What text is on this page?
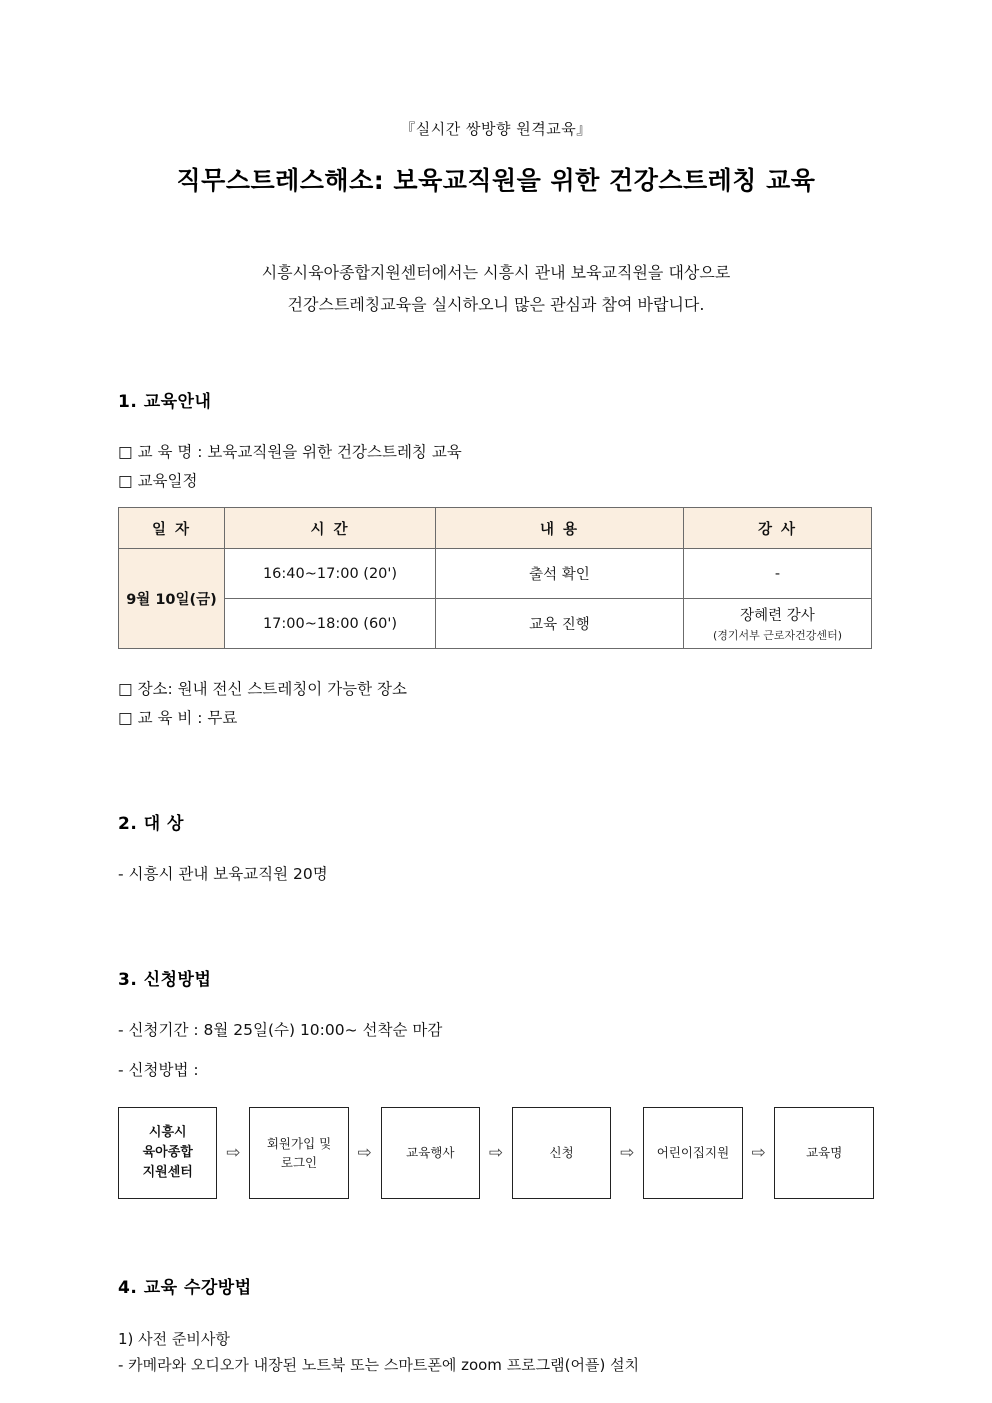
『실시간 쌍방향 원격교육』

직무스트레스해소: 보육교직원을 위한 건강스트레칭 교육
시흥시육아종합지원센터에서는 시흥시 관내 보육교직원을 대상으로
건강스트레칭교육을 실시하오니 많은 관심과 참여 바랍니다.
1. 교육안내
□ 교 육 명 : 보육교직원을 위한 건강스트레칭 교육
□ 교육일정
일 자	시 간	내 용	강 사
9월 10일(금)	16:40~17:00 (20')	출석 확인	-
	17:00~18:00 (60')	교육 진행	장혜련 강사
(경기서부 근로자건강센터)
□ 장소: 원내 전신 스트레칭이 가능한 장소
□ 교 육 비 : 무료
2. 대 상

- 시흥시 관내 보육교직원 20명

3. 신청방법

- 신청기간 : 8월 25일(수) 10:00~ 선착순 마감

- 신청방법 :

시흥시
육아종합
지원센터
⇨	회원가입 및
로그인	⇨	교육행사	⇨	신청	⇨	어린이집지원	⇨	교육명
4. 교육 수강방법

1) 사전 준비사항

- 카메라와 오디오가 내장된 노트북 또는 스마트폰에 zoom 프로그램(어플) 설치
